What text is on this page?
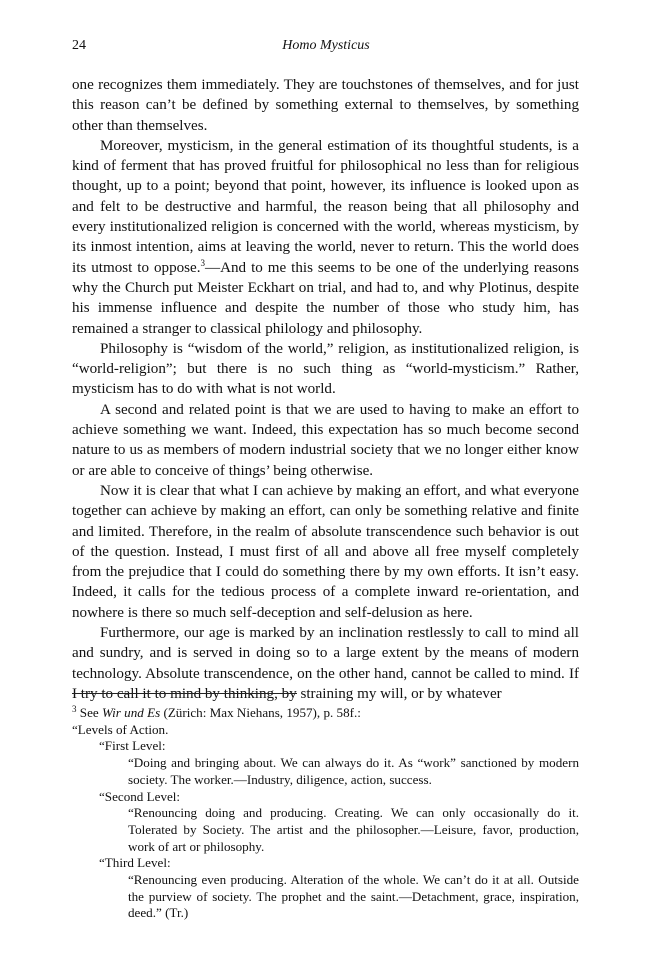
24	Homo Mysticus

one recognizes them immediately. They are touchstones of themselves, and for just this reason can’t be defined by something external to themselves, by something other than themselves.

Moreover, mysticism, in the general estimation of its thoughtful students, is a kind of ferment that has proved fruitful for philosophical no less than for religious thought, up to a point; beyond that point, however, its influence is looked upon as and felt to be destructive and harmful, the reason being that all philosophy and every institutionalized religion is concerned with the world, whereas mysticism, by its inmost intention, aims at leaving the world, never to return. This the world does its utmost to oppose.$^3$—And to me this seems to be one of the underlying reasons why the Church put Meister Eckhart on trial, and had to, and why Plotinus, despite his immense influence and despite the number of those who study him, has remained a stranger to classical philology and philosophy.

Philosophy is “wisdom of the world,” religion, as institutionalized religion, is “world-religion”; but there is no such thing as “world-mysticism.” Rather, mysticism has to do with what is not world.

A second and related point is that we are used to having to make an effort to achieve something we want. Indeed, this expectation has so much become second nature to us as members of modern industrial society that we no longer either know or are able to conceive of things’ being otherwise.

Now it is clear that what I can achieve by making an effort, and what everyone together can achieve by making an effort, can only be something relative and finite and limited. Therefore, in the realm of absolute transcendence such behavior is out of the question. Instead, I must first of all and above all free myself completely from the prejudice that I could do something there by my own efforts. It isn’t easy. Indeed, it calls for the tedious process of a complete inward re-orientation, and nowhere is there so much self-deception and self-delusion as here.

Furthermore, our age is marked by an inclination restlessly to call to mind all and sundry, and is served in doing so to a large extent by the means of modern technology. Absolute transcendence, on the other hand, cannot be called to mind. If I try to call it to mind by thinking, by straining my will, or by whatever

$^3$ See Wir und Es (Zürich: Max Niehans, 1957), p. 58f.:

“Levels of Action.

“First Level:

“Doing and bringing about. We can always do it. As “work” sanctioned by modern society. The worker.—Industry, diligence, action, success.

“Second Level:

“Renouncing doing and producing. Creating. We can only occasionally do it. Tolerated by Society. The artist and the philosopher.—Leisure, favor, production, work of art or philosophy.

“Third Level:

“Renouncing even producing. Alteration of the whole. We can’t do it at all. Outside the purview of society. The prophet and the saint.—Detachment, grace, inspiration, deed.” (Tr.)
